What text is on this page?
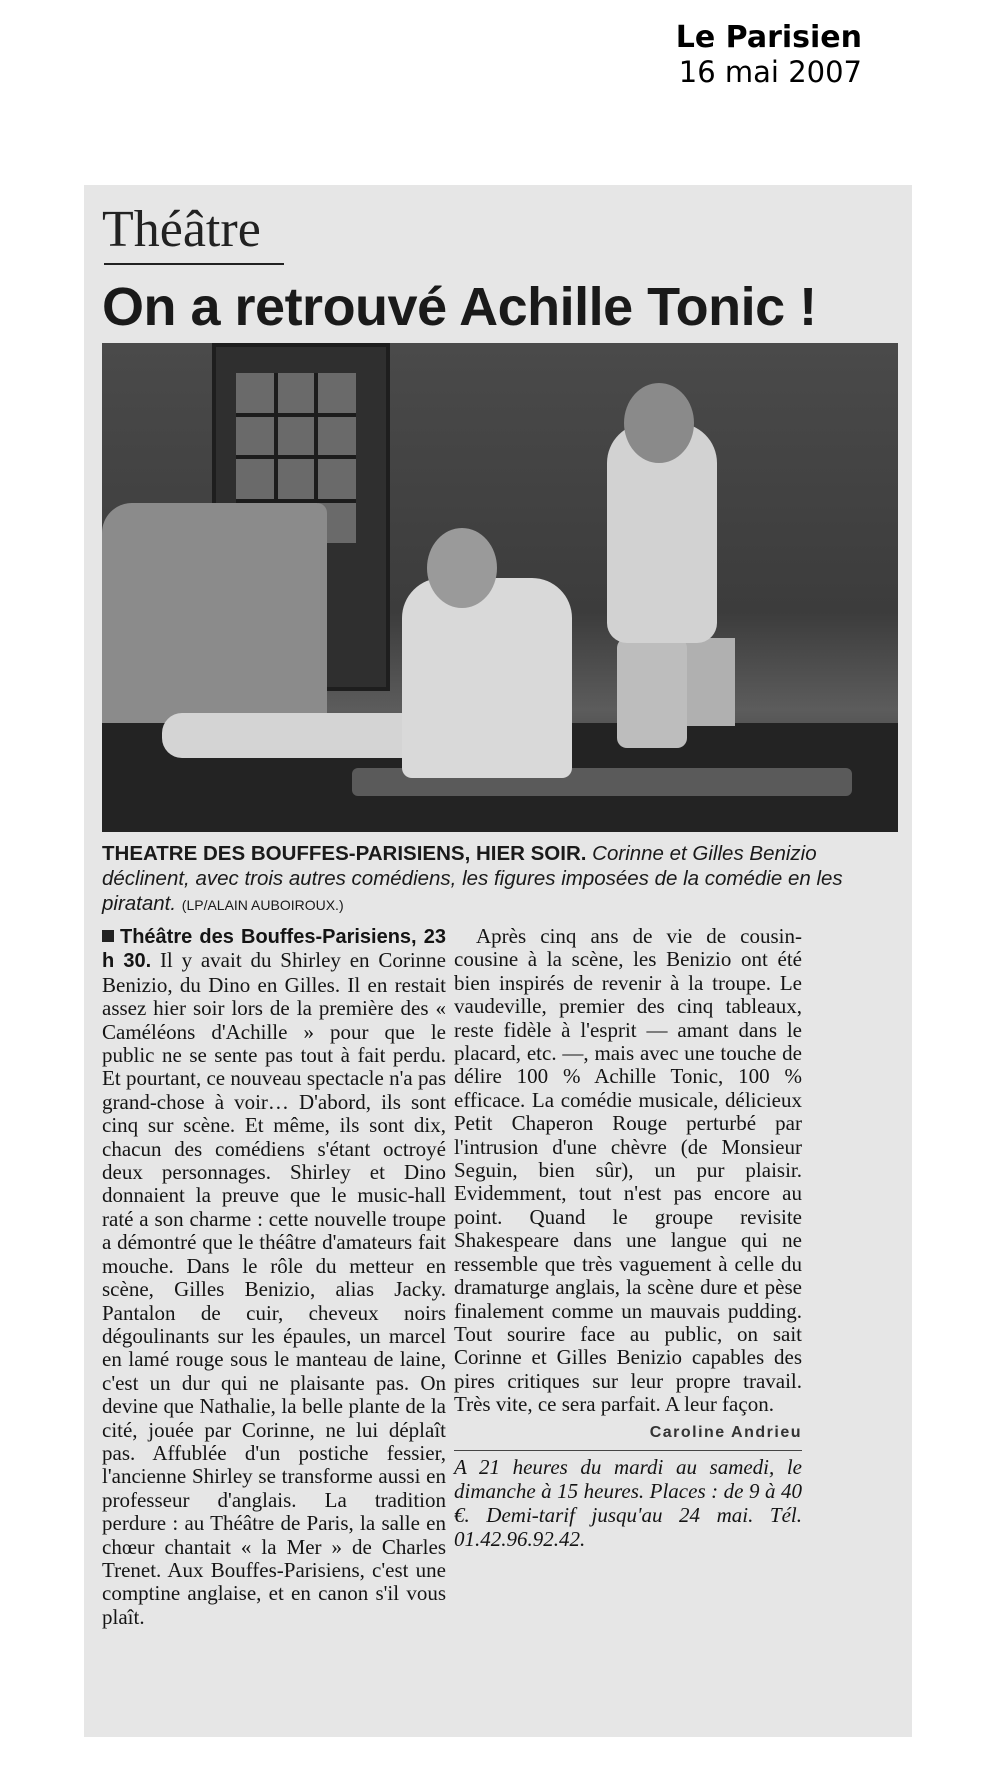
Le Parisien
16 mai 2007
Théâtre
On a retrouvé Achille Tonic !
THEATRE DES BOUFFES-PARISIENS, HIER SOIR. Corinne et Gilles Benizio déclinent, avec trois autres comédiens, les figures imposées de la comédie en les piratant. (LP/ALAIN AUBOIROUX.)

Théâtre des Bouffes-Parisiens, 23 h 30. Il y avait du Shirley en Corinne Benizio, du Dino en Gilles. Il en restait assez hier soir lors de la première des « Caméléons d'Achille » pour que le public ne se sente pas tout à fait perdu. Et pourtant, ce nouveau spectacle n'a pas grand-chose à voir… D'abord, ils sont cinq sur scène. Et même, ils sont dix, chacun des comédiens s'étant octroyé deux personnages. Shirley et Dino donnaient la preuve que le music-hall raté a son charme : cette nouvelle troupe a démontré que le théâtre d'amateurs fait mouche. Dans le rôle du metteur en scène, Gilles Benizio, alias Jacky. Pantalon de cuir, cheveux noirs dégoulinants sur les épaules, un marcel en lamé rouge sous le manteau de laine, c'est un dur qui ne plaisante pas. On devine que Nathalie, la belle plante de la cité, jouée par Corinne, ne lui déplaît pas. Affublée d'un postiche fessier, l'ancienne Shirley se transforme aussi en professeur d'anglais. La tradition perdure : au Théâtre de Paris, la salle en chœur chantait « la Mer » de Charles Trenet. Aux Bouffes-Parisiens, c'est une comptine anglaise, et en canon s'il vous plaît.

Après cinq ans de vie de cousin-cousine à la scène, les Benizio ont été bien inspirés de revenir à la troupe. Le vaudeville, premier des cinq tableaux, reste fidèle à l'esprit — amant dans le placard, etc. —, mais avec une touche de délire 100 % Achille Tonic, 100 % efficace. La comédie musicale, délicieux Petit Chaperon Rouge perturbé par l'intrusion d'une chèvre (de Monsieur Seguin, bien sûr), un pur plaisir. Evidemment, tout n'est pas encore au point. Quand le groupe revisite Shakespeare dans une langue qui ne ressemble que très vaguement à celle du dramaturge anglais, la scène dure et pèse finalement comme un mauvais pudding. Tout sourire face au public, on sait Corinne et Gilles Benizio capables des pires critiques sur leur propre travail. Très vite, ce sera parfait. A leur façon.

Caroline Andrieu
A 21 heures du mardi au samedi, le dimanche à 15 heures. Places : de 9 à 40 €. Demi-tarif jusqu'au 24 mai. Tél. 01.42.96.92.42.
